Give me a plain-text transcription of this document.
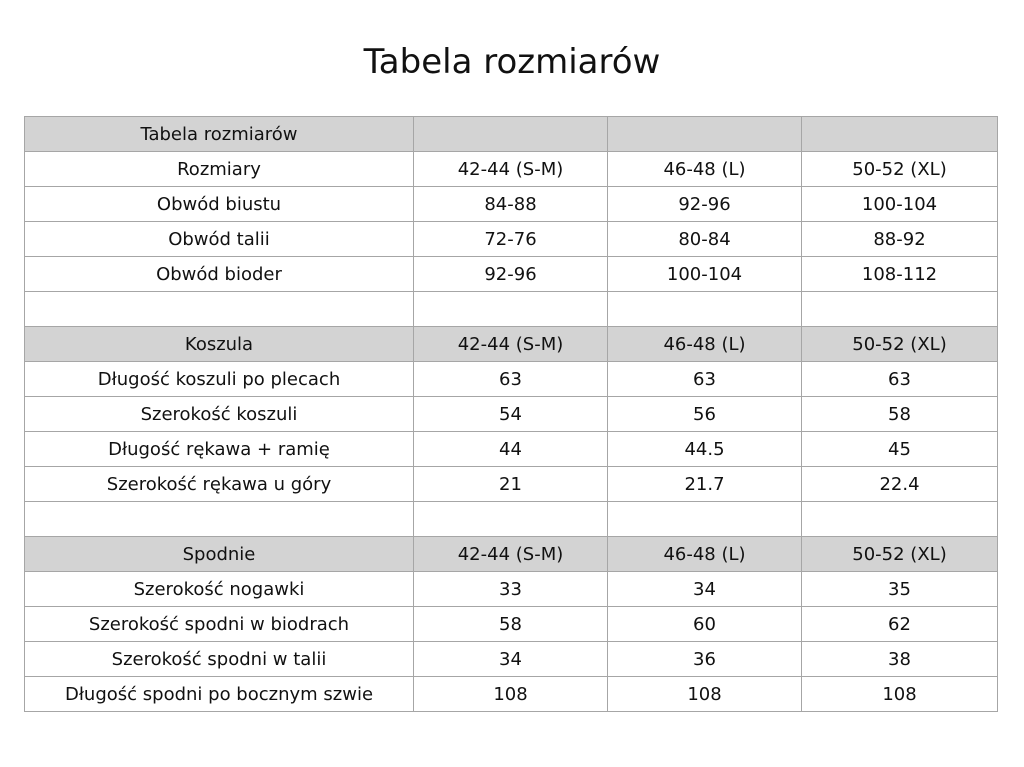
Tabela rozmiarów
Tabela rozmiarów			
Rozmiary	42-44 (S-M)	46-48 (L)	50-52 (XL)
Obwód biustu	84-88	92-96	100-104
Obwód talii	72-76	80-84	88-92
Obwód bioder	92-96	100-104	108-112

Koszula	42-44 (S-M)	46-48 (L)	50-52 (XL)
Długość koszuli po plecach	63	63	63
Szerokość koszuli	54	56	58
Długość rękawa + ramię	44	44.5	45
Szerokość rękawa u góry	21	21.7	22.4

Spodnie	42-44 (S-M)	46-48 (L)	50-52 (XL)
Szerokość nogawki	33	34	35
Szerokość spodni w biodrach	58	60	62
Szerokość spodni w talii	34	36	38
Długość spodni po bocznym szwie	108	108	108
